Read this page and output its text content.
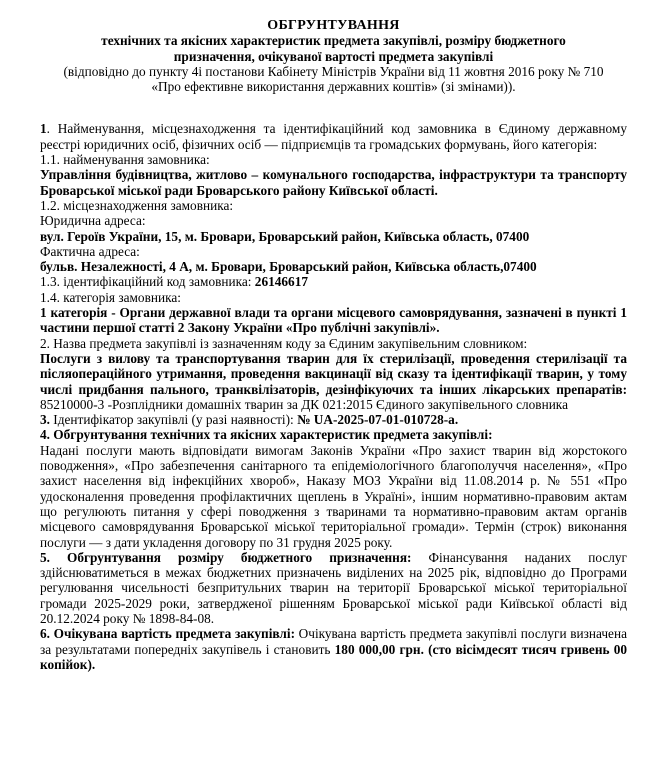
ОБГРУНТУВАННЯ
технічних та якісних характеристик предмета закупівлі, розміру бюджетного
призначення, очікуваної вартості предмета закупівлі
(відповідно до пункту 4і постанови Кабінету Міністрів України від 11 жовтня 2016 року № 710
«Про ефективне використання державних коштів» (зі змінами)).

1. Найменування, місцезнаходження та ідентифікаційний код замовника в Єдиному державному реєстрі юридичних осіб, фізичних осіб — підприємців та громадських формувань, його категорія:

1.1. найменування замовника:

Управління будівництва, житлово – комунального господарства, інфраструктури та транспорту Броварської міської ради Броварського району Київської області.

1.2. місцезнаходження замовника:

Юридична адреса:

вул. Героїв України, 15, м. Бровари, Броварський район, Київська область, 07400

Фактична адреса:

бульв. Незалежності, 4 А, м. Бровари, Броварський район, Київська область,07400

1.3. ідентифікаційний код замовника: 26146617

1.4. категорія замовника:

1 категорія - Органи державної влади та органи місцевого самоврядування, зазначені в пункті 1 частини першої статті 2 Закону України «Про публічні закупівлі».

2. Назва предмета закупівлі із зазначенням коду за Єдиним закупівельним словником:

Послуги з вилову та транспортування тварин для їх стерилізації, проведення стерилізації та післяопераційного утримання, проведення вакцинації від сказу та ідентифікації тварин, у тому числі придбання пального, транквілізаторів, дезінфікуючих та інших лікарських препаратів: 85210000-3 -Розплідники домашніх тварин за ДК 021:2015 Єдиного закупівельного словника

3. Ідентифікатор закупівлі (у разі наявності): № UA-2025-07-01-010728-а.

4. Обгрунтування технічних та якісних характеристик предмета закупівлі:

Надані послуги мають відповідати вимогам Законів України «Про захист тварин від жорстокого поводження», «Про забезпечення санітарного та епідеміологічного благополуччя населення», «Про захист населення від інфекційних хвороб», Наказу МОЗ України від 11.08.2014 р. № 551 «Про удосконалення проведення профілактичних щеплень в Україні», іншим нормативно-правовим актам що регулюють питання у сфері поводження з тваринами та нормативно-правовим актам органів місцевого самоврядування Броварської міської територіальної громади». Термін (строк) виконання послуги — з дати укладення договору по 31 грудня 2025 року.

5. Обгрунтування розміру бюджетного призначення: Фінансування наданих послуг здійснюватиметься в межах бюджетних призначень виділених на 2025 рік, відповідно до Програми регулювання чисельності безпритульних тварин на території Броварської міської територіальної громади 2025-2029 роки, затвердженої рішенням Броварської міської ради Київської області від 20.12.2024 року № 1898-84-08.

6. Очікувана вартість предмета закупівлі: Очікувана вартість предмета закупівлі послуги визначена за результатами попередніх закупівель і становить 180 000,00 грн. (сто вісімдесят тисяч гривень 00 копійок).
